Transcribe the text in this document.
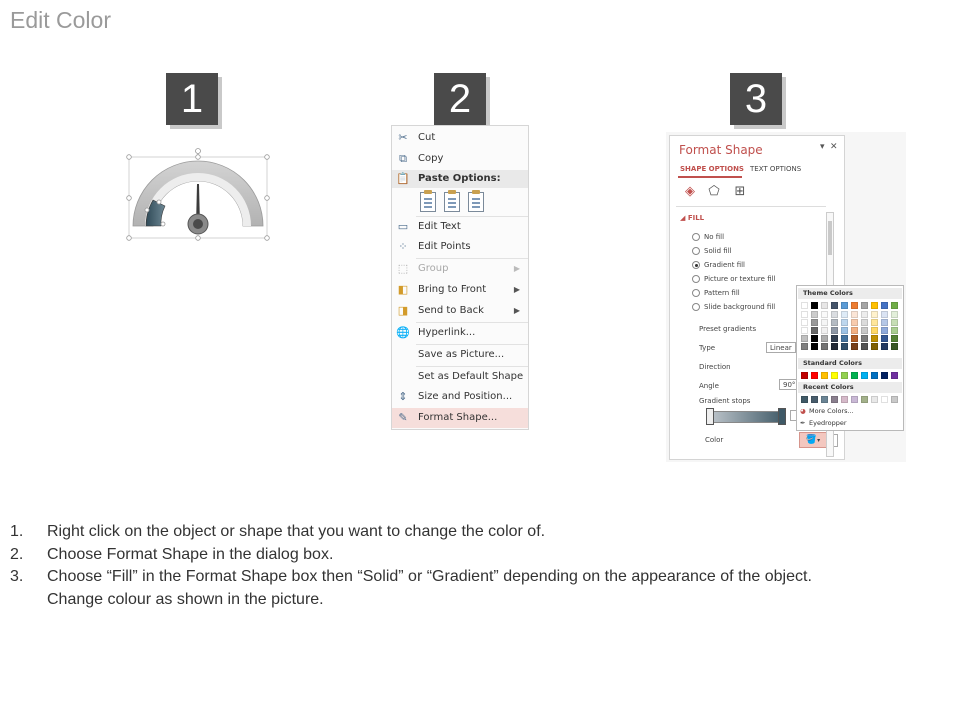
Edit Color
1	2	3
✂ Cut
⧉	Copy
📋 Paste Options:
▭ Edit Text
⁘ Edit Points
⬚ Group	▶
◧ Bring to Front	▶
◨ Send to Back	▶
🌐 Hyperlink...
Save as Picture...
Set as Default Shape
⇕ Size and Position...
✎ Format Shape...
Format Shape	▾ ✕
SHAPE OPTIONS TEXT OPTIONS
◈ ⬠ ⊞
◢ FILL
No fill
Solid fill
Gradient fill
Picture or texture fill
Pattern fill
Slide background fill
Preset gradients
Type	Linear
Direction
Angle	90°
Gradient stops
Color	🪣▾
Theme Colors
Standard Colors
Recent Colors
◕ More Colors...
✒ Eyedropper
1. Right click on the object or shape that you want to change the color of.
2. Choose Format Shape in the dialog box.
3. Choose “Fill” in the Format Shape box then “Solid” or “Gradient” depending on the appearance of the object.
Change colour as shown in the picture.
